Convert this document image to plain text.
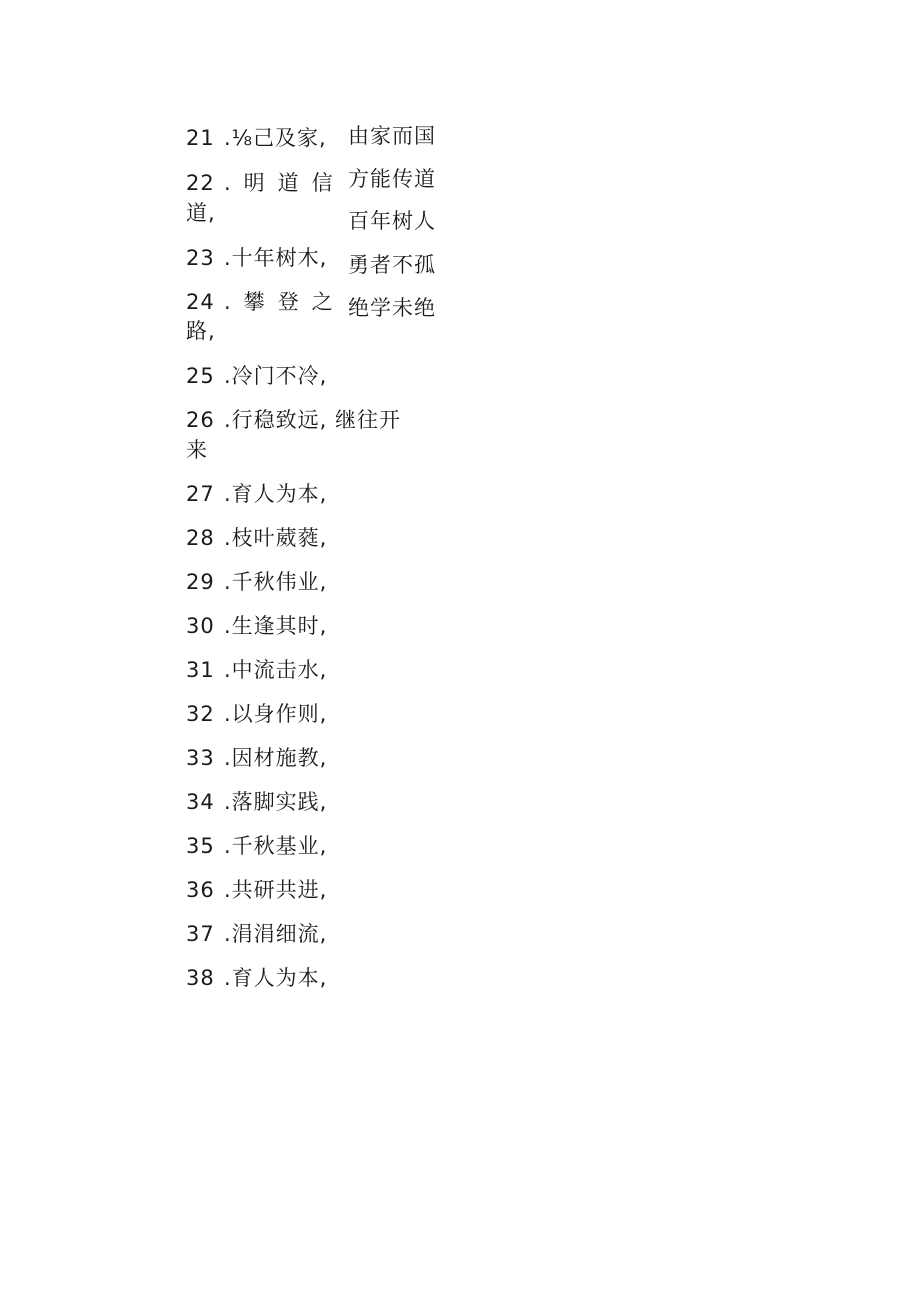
21 .⅛己及家,
22 .明道信
道,
23 .十年树木,
24 .攀登之
路,
25 .冷门不冷,
26 .行稳致远, 继往开
来
27 .育人为本,
28 .枝叶葳蕤,
29 .千秋伟业,
30 .生逢其时,
31 .中流击水,
32 .以身作则,
33 .因材施教,
34 .落脚实践,
35 .千秋基业,
36 .共研共进,
37 .涓涓细流,
38 .育人为本,
由家而国
方能传道
百年树人
勇者不孤
绝学未绝
